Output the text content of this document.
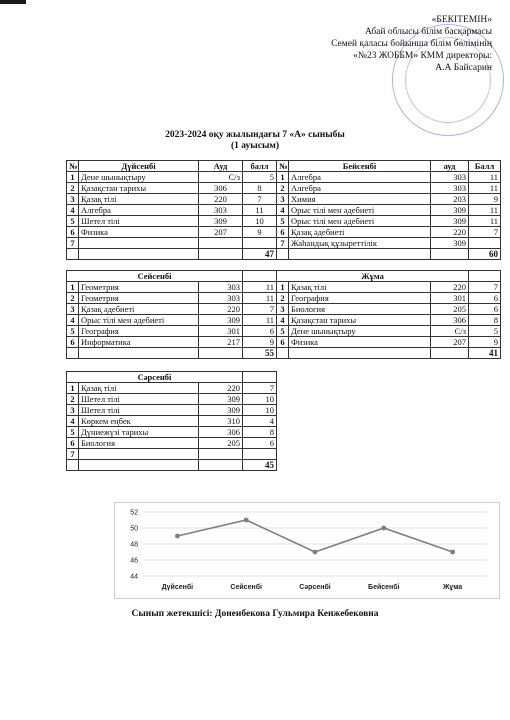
«БЕКІТЕМІН»
Абай облысы білім басқармасы
Семей қаласы бойынша білім бөлімінің
«№23 ЖОББМ» КММ директоры:
А.А Байсарин
2023-2024 оқу жылындағы 7 «А» сыныбы
(1 ауысым)
№	Дүйсенбі	Ауд	балл
1	Дене шынықтыру	С/з	5
2	Қазақстан тарихы	306	8
3	Қазақ тілі	220	7
4	Алгебра	303	11
5	Шетел тілі	309	10
6	Физика	207	9
7			
			47
№	Бейсенбі	ауд	Балл
1	Алгебра	303	11
2	Алгебра	303	11
3	Химия	203	9
4	Орыс тілі мен әдебиеті	309	11
5	Орыс тілі мен әдебиеті	309	11
6	Қазақ әдебиеті	220	7
7	Жаһандық құзыреттілік	309	
			60
Сейсенбі			
1	Геометрия	303	11
2	Геометрия	303	11
3	Қазақ әдебиеті	220	7
4	Орыс тілі мен әдебиеті	309	11
5	География	301	6
6	Информатика	217	9
			55
Жұма			
1	Қазақ тілі	220	7
2	География	301	6
3	Биология	205	6
4	Қазақстан тарихы	306	8
5	Дене шынықтыру	С/з	5
6	Физика	207	9
			41
Сәрсенбі			
1	Қазақ тілі	220	7
2	Шетел тілі	309	10
3	Шетел тілі	309	10
4	Көркем еңбек	310	4
5	Дүниежүзі тарихы	306	8
6	Биология	205	6
7			
			45
52
50
48
46
44
Дүйсенбі	Сейсенбі	Сәрсенбі	Бейсенбі	Жұма
Сынып жетекшісі: Донеибекова Гульмира Кенжебековна
